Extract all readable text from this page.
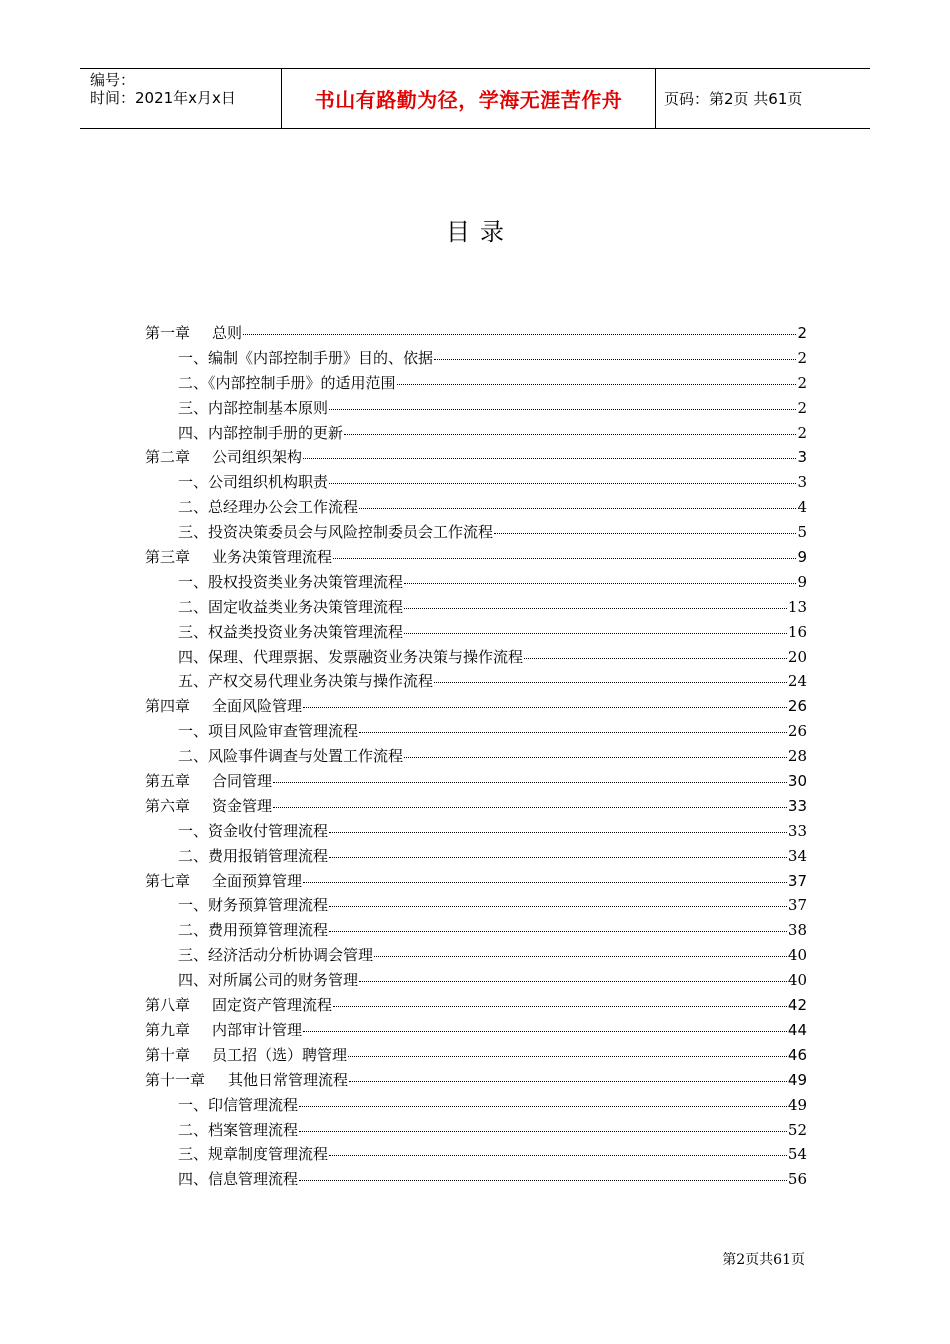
编号：
时间：2021年x月x日	书山有路勤为径，学海无涯苦作舟	页码：第2页 共61页
目录
第一章 总则	2
一、编制《内部控制手册》目的、依据	2
二、《内部控制手册》的适用范围	2
三、内部控制基本原则	2
四、内部控制手册的更新	2
第二章 公司组织架构	3
一、公司组织机构职责	3
二、总经理办公会工作流程	4
三、投资决策委员会与风险控制委员会工作流程	5
第三章 业务决策管理流程	9
一、股权投资类业务决策管理流程	9
二、固定收益类业务决策管理流程	13
三、权益类投资业务决策管理流程	16
四、保理、代理票据、发票融资业务决策与操作流程	20
五、产权交易代理业务决策与操作流程	24
第四章 全面风险管理	26
一、项目风险审查管理流程	26
二、风险事件调查与处置工作流程	28
第五章 合同管理	30
第六章 资金管理	33
一、资金收付管理流程	33
二、费用报销管理流程	34
第七章 全面预算管理	37
一、财务预算管理流程	37
二、费用预算管理流程	38
三、经济活动分析协调会管理	40
四、对所属公司的财务管理	40
第八章 固定资产管理流程	42
第九章 内部审计管理	44
第十章 员工招（选）聘管理	46
第十一章 其他日常管理流程	49
一、印信管理流程	49
二、档案管理流程	52
三、规章制度管理流程	54
四、信息管理流程	56
第2页共61页
